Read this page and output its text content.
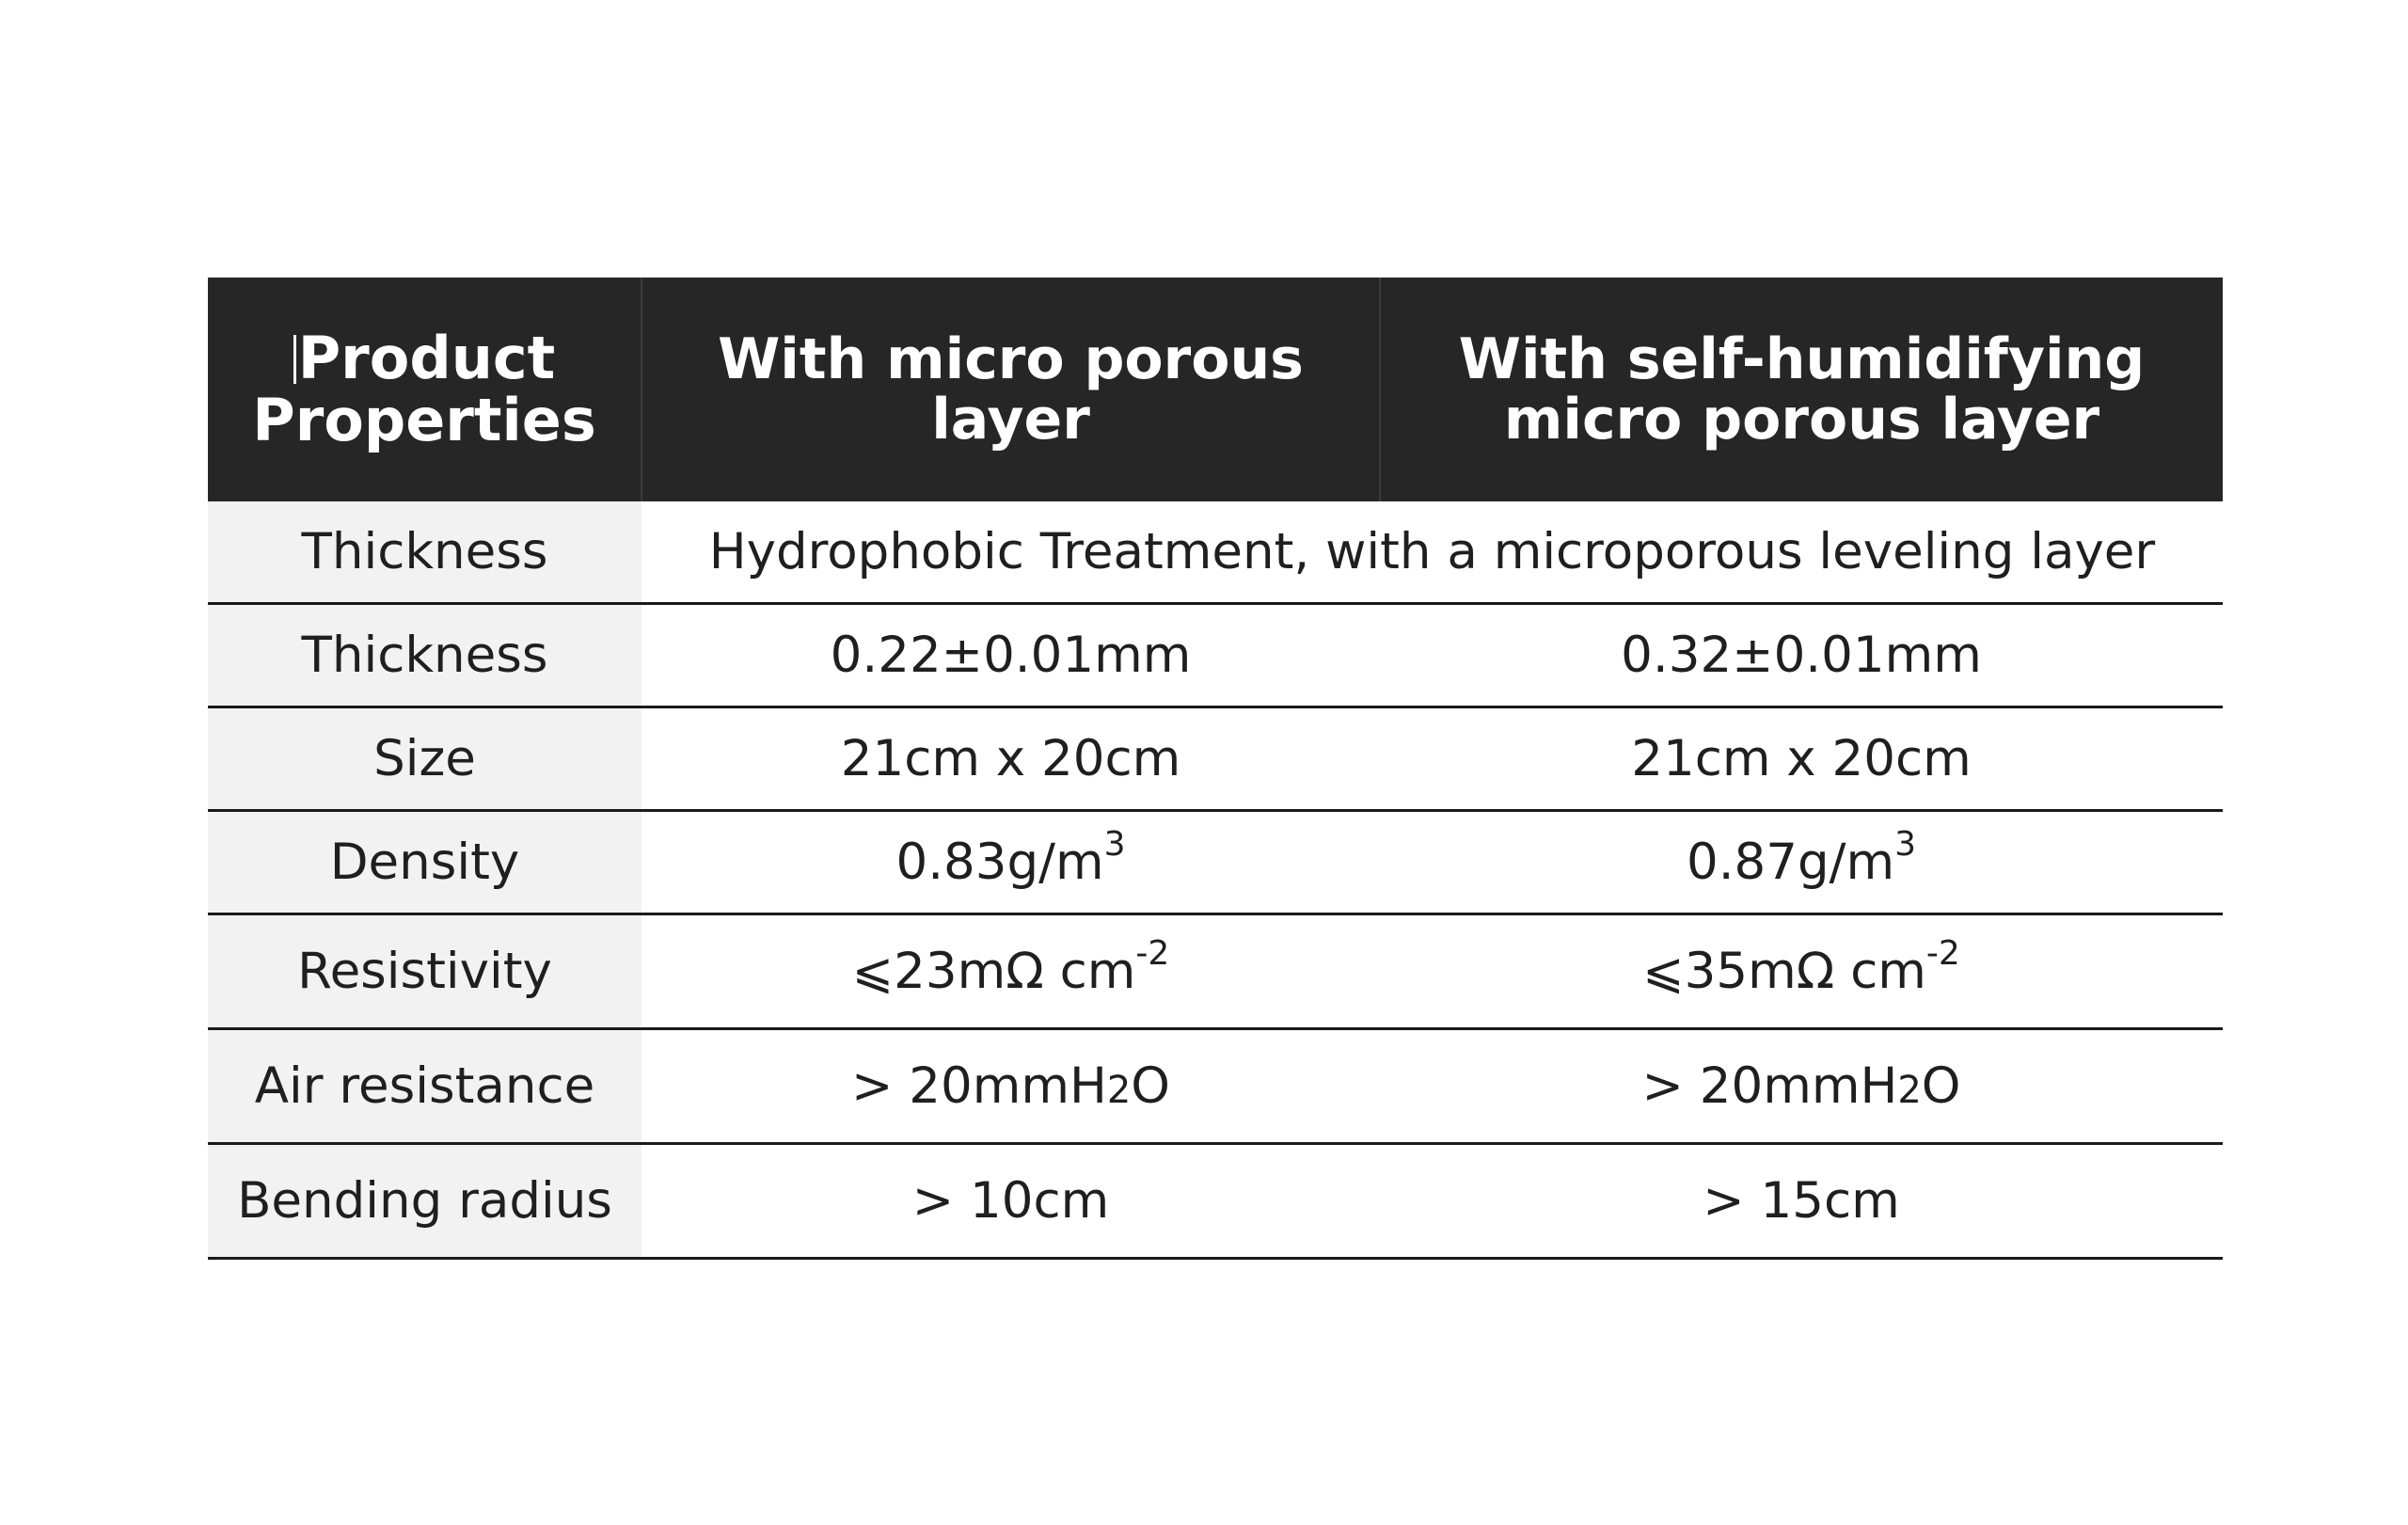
Product Properties	With micro porous layer	With self-humidifying micro porous layer
Thickness	Hydrophobic Treatment, with a microporous leveling layer	
Thickness	0.22±0.01mm	0.32±0.01mm
Size	21cm x 20cm	21cm x 20cm
Density	$0.83g/m^3$	$0.87g/m^3$
Resistivity	⩽23mΩ $cm^{-2}$	⩽35mΩ $cm^{-2}$
Air resistance	> 20mmH2O	> 20mmH2O
Bending radius	> 10cm	> 15cm
